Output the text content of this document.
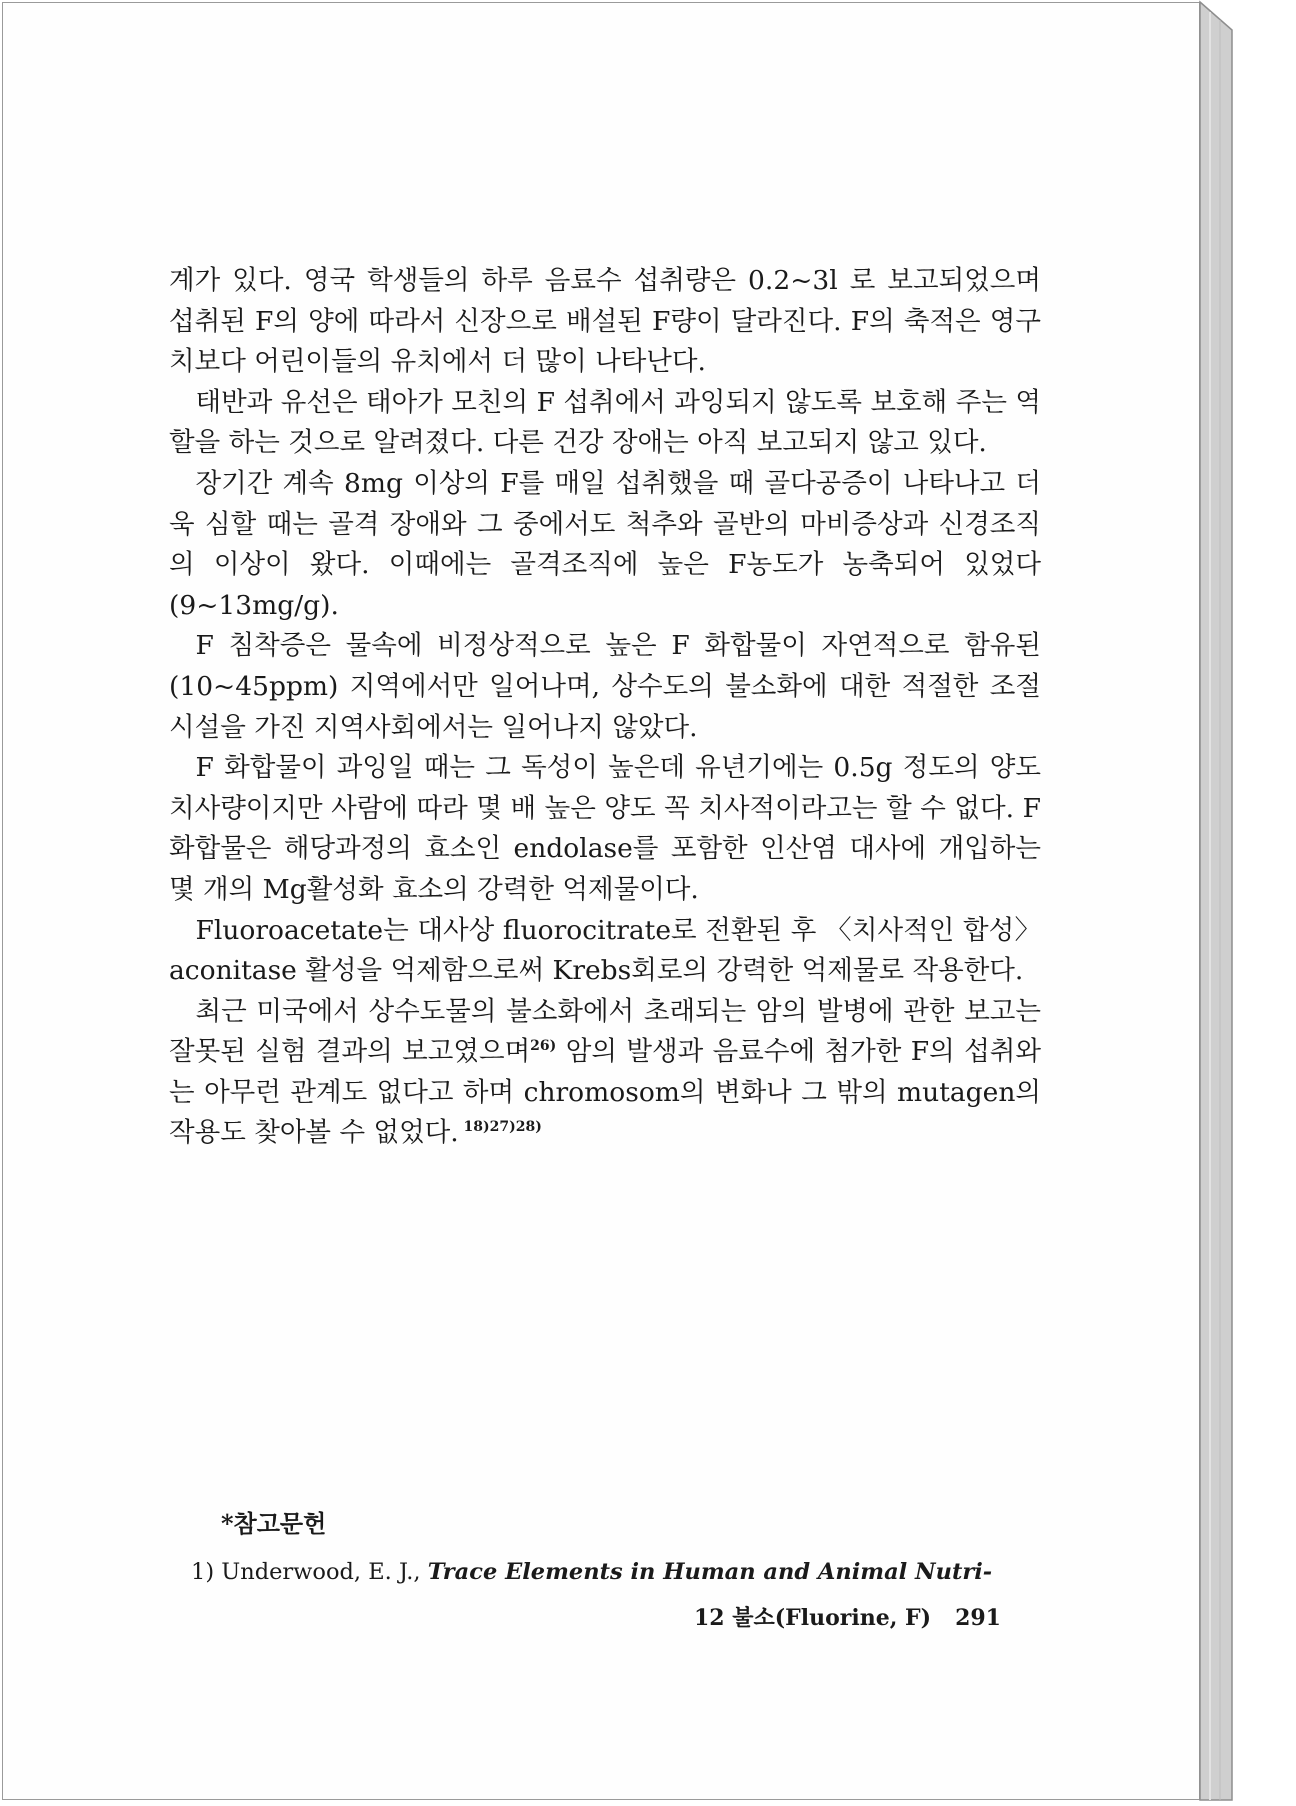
계가 있다. 영국 학생들의 하루 음료수 섭취량은 0.2~3l 로 보고되었으며 섭취된 F의 양에 따라서 신장으로 배설된 F량이 달라진다. F의 축적은 영구치보다 어린이들의 유치에서 더 많이 나타난다.

태반과 유선은 태아가 모친의 F 섭취에서 과잉되지 않도록 보호해 주는 역할을 하는 것으로 알려졌다. 다른 건강 장애는 아직 보고되지 않고 있다.

장기간 계속 8mg 이상의 F를 매일 섭취했을 때 골다공증이 나타나고 더욱 심할 때는 골격 장애와 그 중에서도 척추와 골반의 마비증상과 신경조직의 이상이 왔다. 이때에는 골격조직에 높은 F농도가 농축되어 있었다(9~13mg/g).

F 침착증은 물속에 비정상적으로 높은 F 화합물이 자연적으로 함유된(10~45ppm) 지역에서만 일어나며, 상수도의 불소화에 대한 적절한 조절시설을 가진 지역사회에서는 일어나지 않았다.

F 화합물이 과잉일 때는 그 독성이 높은데 유년기에는 0.5g 정도의 양도 치사량이지만 사람에 따라 몇 배 높은 양도 꼭 치사적이라고는 할 수 없다. F화합물은 해당과정의 효소인 endolase를 포함한 인산염 대사에 개입하는 몇 개의 Mg활성화 효소의 강력한 억제물이다.

Fluoroacetate는 대사상 fluorocitrate로 전환된 후 〈치사적인 합성〉 aconitase 활성을 억제함으로써 Krebs회로의 강력한 억제물로 작용한다.

최근 미국에서 상수도물의 불소화에서 초래되는 암의 발병에 관한 보고는 잘못된 실험 결과의 보고였으며$^{26)}$ 암의 발생과 음료수에 첨가한 F의 섭취와는 아무런 관계도 없다고 하며 chromosom의 변화나 그 밖의 mutagen의 작용도 찾아볼 수 없었다. $^{18)27)28)}$

*참고문헌

1) Underwood, E. J., Trace Elements in Human and Animal Nutri-

12 불소(Fluorine, F) 291
